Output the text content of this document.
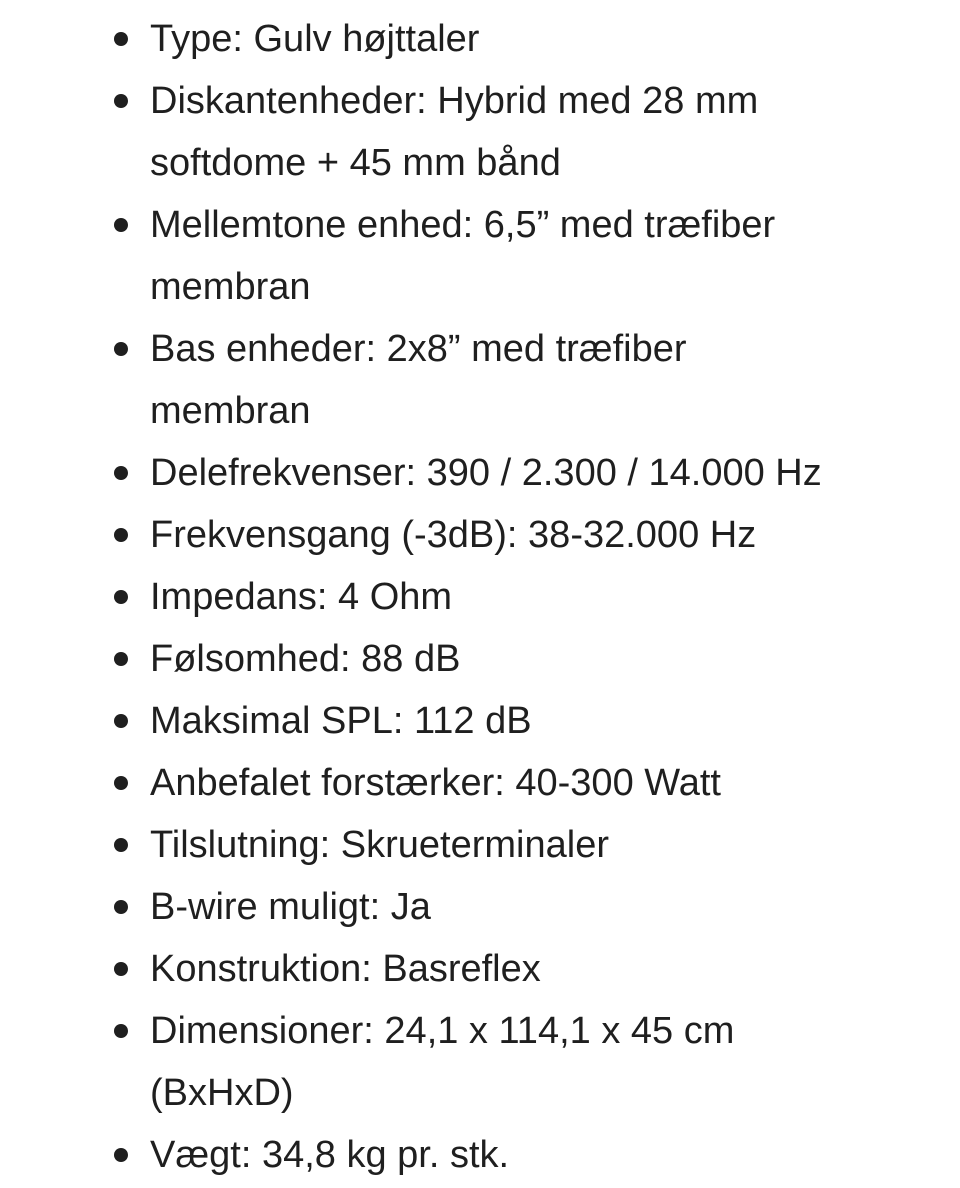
Type: Gulv højttaler
Diskantenheder: Hybrid med 28 mm
softdome + 45 mm bånd
Mellemtone enhed: 6,5” med træfiber
membran
Bas enheder: 2x8” med træfiber
membran
Delefrekvenser: 390 / 2.300 / 14.000 Hz
Frekvensgang (-3dB): 38-32.000 Hz
Impedans: 4 Ohm
Følsomhed: 88 dB
Maksimal SPL: 112 dB
Anbefalet forstærker: 40-300 Watt
Tilslutning: Skrueterminaler
B-wire muligt: Ja
Konstruktion: Basreflex
Dimensioner: 24,1 x 114,1 x 45 cm
(BxHxD)
Vægt: 34,8 kg pr. stk.
